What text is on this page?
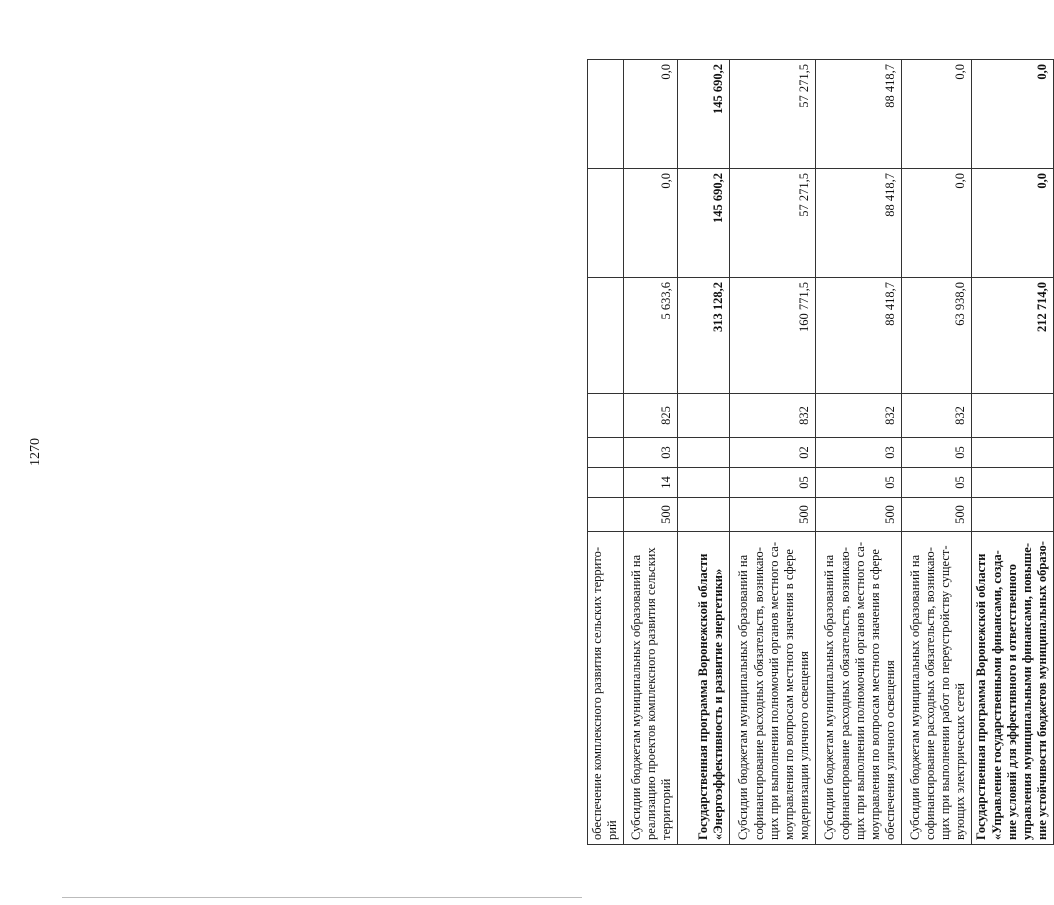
1270
обеспечение комплексного развития сельских террито-рий							
Субсидии бюджетам муниципальных образований на реализацию проектов комплексного развития сельских территорий	500	14	03	825	5 633,6	0,0	0,0
Государственная программа Воронежской области «Энергоэффективность и развитие энергетики»					313 128,2	145 690,2	145 690,2
Субсидии бюджетам муниципальных образований на софинансирование расходных обязательств, возникаю-щих при выполнении полномочий органов местного са-моуправления по вопросам местного значения в сфере модернизации уличного освещения	500	05	02	832	160 771,5	57 271,5	57 271,5
Субсидии бюджетам муниципальных образований на софинансирование расходных обязательств, возникаю-щих при выполнении полномочий органов местного са-моуправления по вопросам местного значения в сфере обеспечения уличного освещения	500	05	03	832	88 418,7	88 418,7	88 418,7
Субсидии бюджетам муниципальных образований на софинансирование расходных обязательств, возникаю-щих при выполнении работ по переустройству сущест-вующих электрических сетей	500	05	05	832	63 938,0	0,0	0,0
Государственная программа Воронежской области «Управление государственными финансами, созда-ние условий для эффективного и ответственного управления муниципальными финансами, повыше-ние устойчивости бюджетов муниципальных образо-					212 714,0	0,0	0,0
